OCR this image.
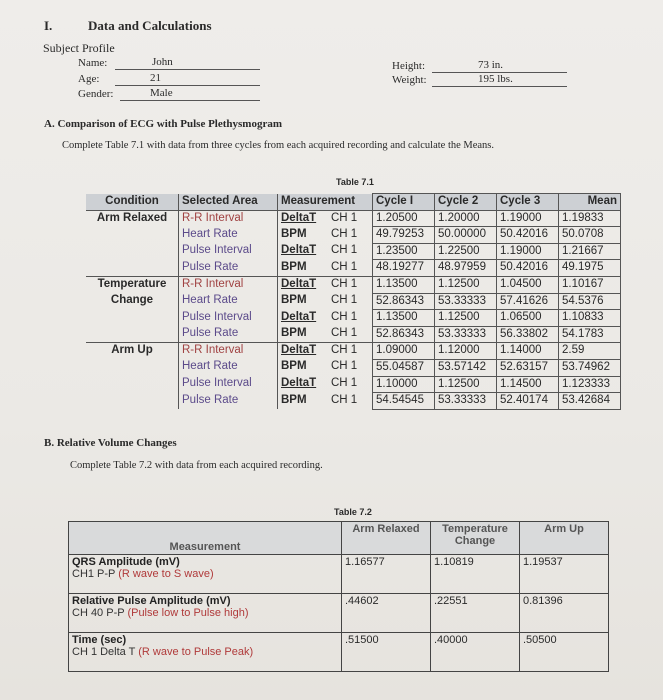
I.	Data and Calculations
Subject Profile
Name:	John
Age:	21
Gender:	Male
Height:	73 in.
Weight:	195 lbs.
A. Comparison of ECG with Pulse Plethysmogram
Complete Table 7.1 with data from three cycles from each acquired recording and calculate the Means.
Table 7.1
Condition	Selected Area	Measurement		Cycle I	Cycle 2	Cycle 3	Mean
Arm Relaxed	R-R Interval	DeltaT	CH 1	1.20500	1.20000	1.19000	1.19833
	Heart Rate	BPM	CH 1	49.79253	50.00000	50.42016	50.0708
	Pulse Interval	DeltaT	CH 1	1.23500	1.22500	1.19000	1.21667
	Pulse Rate	BPM	CH 1	48.19277	48.97959	50.42016	49.1975
Temperature	R-R Interval	DeltaT	CH 1	1.13500	1.12500	1.04500	1.10167
Change	Heart Rate	BPM	CH 1	52.86343	53.33333	57.41626	54.5376
	Pulse Interval	DeltaT	CH 1	1.13500	1.12500	1.06500	1.10833
	Pulse Rate	BPM	CH 1	52.86343	53.33333	56.33802	54.1783
Arm Up	R-R Interval	DeltaT	CH 1	1.09000	1.12000	1.14000	2.59
	Heart Rate	BPM	CH 1	55.04587	53.57142	52.63157	53.74962
	Pulse Interval	DeltaT	CH 1	1.10000	1.12500	1.14500	1.123333
	Pulse Rate	BPM	CH 1	54.54545	53.33333	52.40174	53.42684
B. Relative Volume Changes
Complete Table 7.2 with data from each acquired recording.
Table 7.2
Measurement	Arm Relaxed	Temperature Change	Arm Up

QRS Amplitude (mV)
CH1 P-P (R wave to S wave)	1.16577	1.10819	1.19537

Relative Pulse Amplitude (mV)
CH 40 P-P (Pulse low to Pulse high)	.44602	.22551	0.81396

Time (sec)
CH 1 Delta T (R wave to Pulse Peak)	.51500	.40000	.50500
